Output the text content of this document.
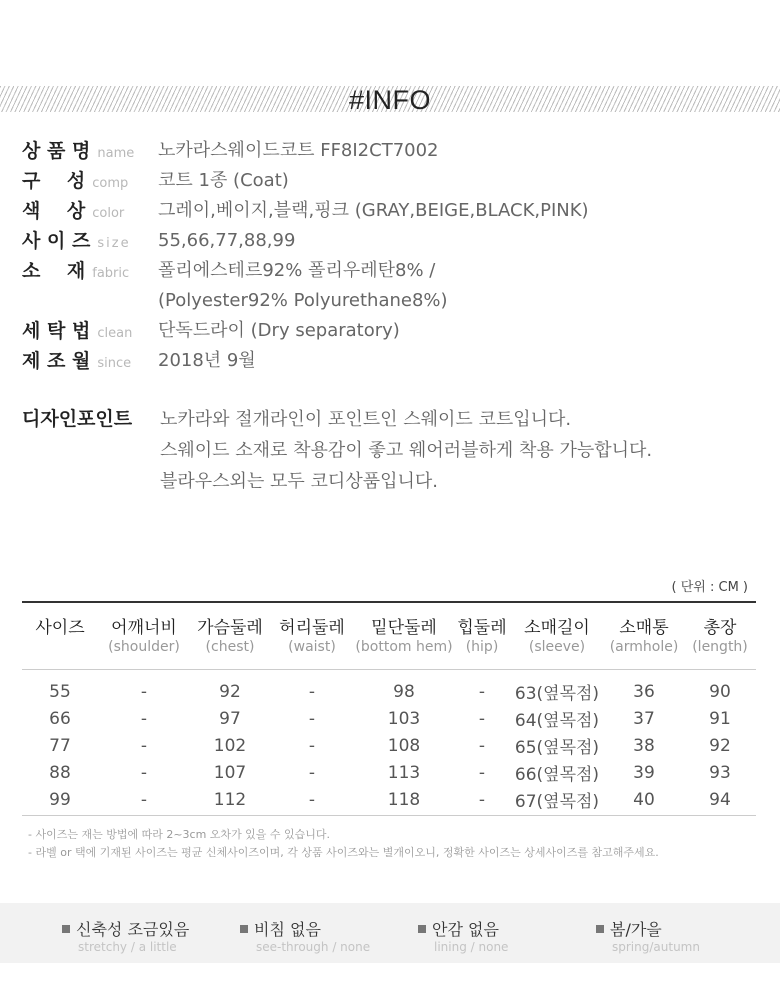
#INFO
상 품 명 name	노카라스웨이드코트 FF8I2CT7002
구    성 comp	코트 1종 (Coat)
색    상 color	그레이,베이지,블랙,핑크 (GRAY,BEIGE,BLACK,PINK)
사 이 즈 size	55,66,77,88,99
소    재 fabric	폴리에스테르92% 폴리우레탄8% /
(Polyester92% Polyurethane8%)
세 탁 법 clean	단독드라이 (Dry separatory)
제 조 월 since	2018년 9월
디자인포인트 노카라와 절개라인이 포인트인 스웨이드 코트입니다.
스웨이드 소재로 착용감이 좋고 웨어러블하게 착용 가능합니다.
블라우스외는 모두 코디상품입니다.
( 단위 : CM )
사이즈	어깨너비	가슴둘레	허리둘레	밑단둘레	힙둘레	소매길이	소매통	총장
	(shoulder)	(chest)	(waist)	(bottom hem)	(hip)	(sleeve)	(armhole)	(length)
55	-	92	-	98	-	63(옆목점)	36	90
66	-	97	-	103	-	64(옆목점)	37	91
77	-	102	-	108	-	65(옆목점)	38	92
88	-	107	-	113	-	66(옆목점)	39	93
99	-	112	-	118	-	67(옆목점)	40	94
- 사이즈는 재는 방법에 따라 2~3cm 오차가 있을 수 있습니다.
- 라벨 or 택에 기재된 사이즈는 평균 신체사이즈이며, 각 상품 사이즈와는 별개이오니, 정확한 사이즈는 상세사이즈를 참고해주세요.
신축성 조금있음
stretchy / a little
비침 없음
see-through / none
안감 없음
lining / none
봄/가을
spring/autumn
